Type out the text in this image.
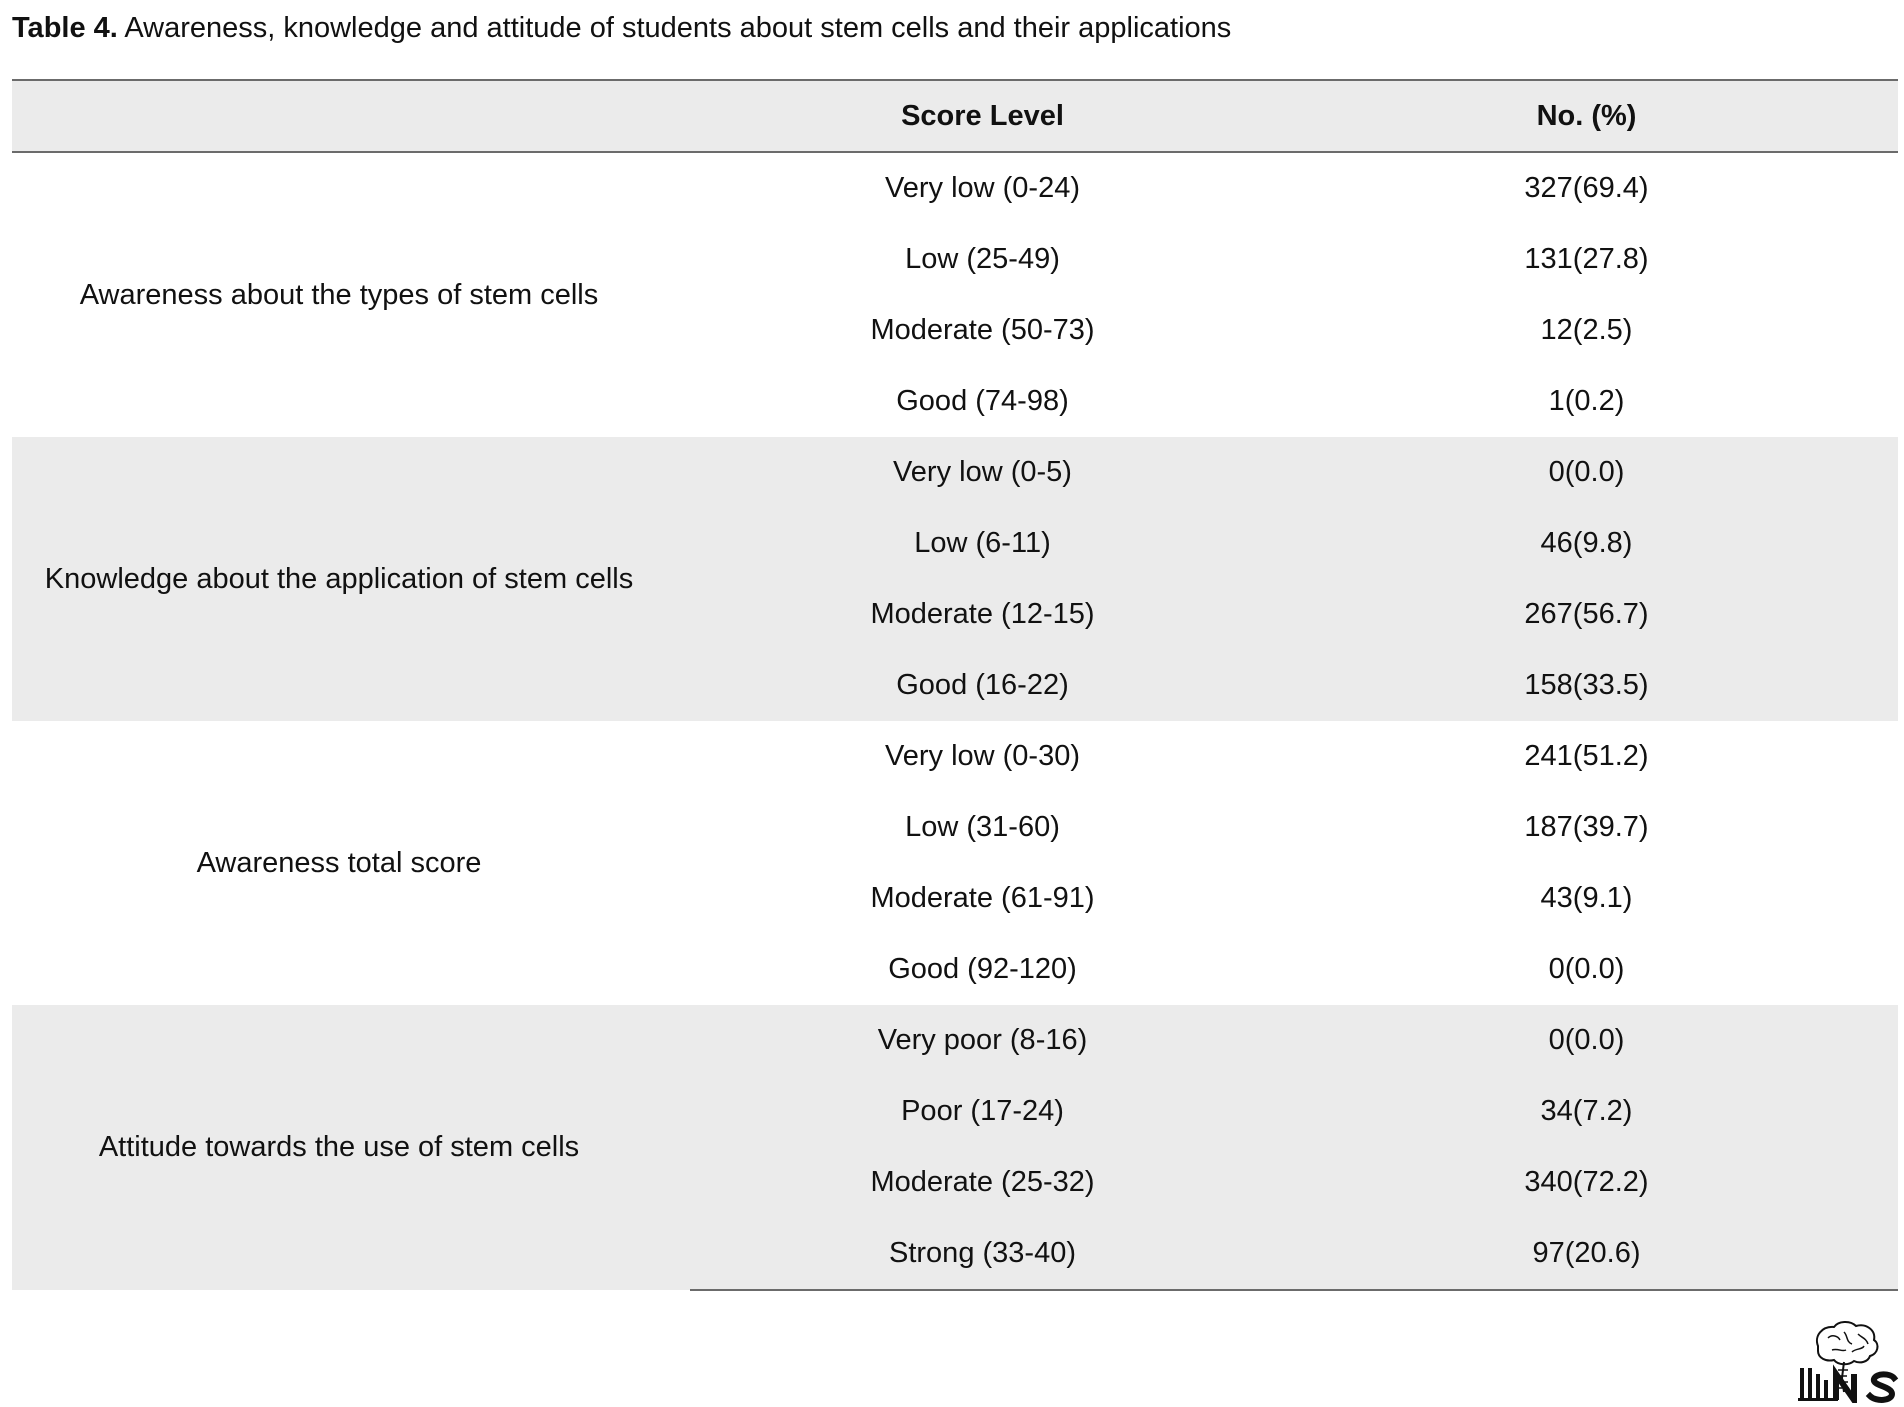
Table 4. Awareness, knowledge and attitude of students about stem cells and their applications
	Score Level	No. (%)
Awareness about the types of stem cells	Very low (0-24)	327(69.4)
	Low (25-49)	131(27.8)
	Moderate (50-73)	12(2.5)
	Good (74-98)	1(0.2)
Knowledge about the application of stem cells	Very low (0-5)	0(0.0)
	Low (6-11)	46(9.8)
	Moderate (12-15)	267(56.7)
	Good (16-22)	158(33.5)
Awareness total score	Very low (0-30)	241(51.2)
	Low (31-60)	187(39.7)
	Moderate (61-91)	43(9.1)
	Good (92-120)	0(0.0)
Attitude towards the use of stem cells	Very poor (8-16)	0(0.0)
	Poor (17-24)	34(7.2)
	Moderate (25-32)	340(72.2)
	Strong (33-40)	97(20.6)
